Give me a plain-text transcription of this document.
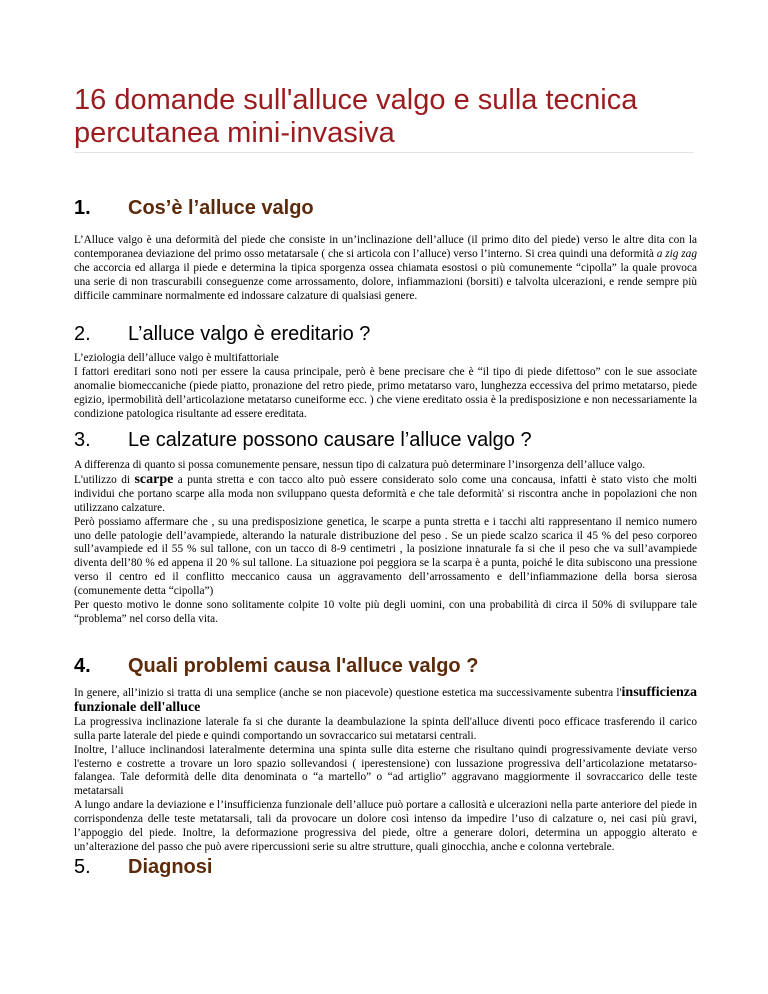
16 domande sull'alluce valgo e sulla tecnica percutanea mini-invasiva
1. Cos’è l’alluce valgo

L’Alluce valgo è una deformità del piede che consiste in un’inclinazione dell’alluce (il primo dito del piede) verso le altre dita con la contemporanea deviazione del primo osso metatarsale ( che si articola con l’alluce) verso l’interno. Si crea quindi una deformità a zig zag che accorcia ed allarga il piede e determina la tipica sporgenza ossea chiamata esostosi o più comunemente “cipolla” la quale provoca una serie di non trascurabili conseguenze come arrossamento, dolore, infiammazioni (borsiti) e talvolta ulcerazioni, e rende sempre più difficile camminare normalmente ed indossare calzature di qualsiasi genere.

2. L’alluce valgo è ereditario ?

L’eziologia dell’alluce valgo è multifattoriale

I fattori ereditari sono noti per essere la causa principale, però è bene precisare che è “il tipo di piede difettoso” con le sue associate anomalie biomeccaniche (piede piatto, pronazione del retro piede, primo metatarso varo, lunghezza eccessiva del primo metatarso, piede egizio, ipermobilità dell’articolazione metatarso cuneiforme ecc. ) che viene ereditato ossia è la predisposizione e non necessariamente la condizione patologica risultante ad essere ereditata.

3. Le calzature possono causare l’alluce valgo ?

A differenza di quanto si possa comunemente pensare, nessun tipo di calzatura può determinare l’insorgenza dell’alluce valgo.

L'utilizzo di scarpe a punta stretta e con tacco alto può essere considerato solo come una concausa, infatti è stato visto che molti individui che portano scarpe alla moda non sviluppano questa deformità e che tale deformità' si riscontra anche in popolazioni che non utilizzano calzature.

Però possiamo affermare che , su una predisposizione genetica, le scarpe a punta stretta e i tacchi alti rappresentano il nemico numero uno delle patologie dell’avampiede, alterando la naturale distribuzione del peso . Se un piede scalzo scarica il 45 % del peso corporeo sull’avampiede ed il 55 % sul tallone, con un tacco di 8-9 centimetri , la posizione innaturale fa si che il peso che va sull’avampiede diventa dell’80 % ed appena il 20 % sul tallone. La situazione poi peggiora se la scarpa è a punta, poiché le dita subiscono una pressione verso il centro ed il conflitto meccanico causa un aggravamento dell’arrossamento e dell’infiammazione della borsa sierosa (comunemente detta “cipolla”)

Per questo motivo le donne sono solitamente colpite 10 volte più degli uomini, con una probabilità di circa il 50% di sviluppare tale “problema” nel corso della vita.

4. Quali problemi causa l'alluce valgo ?

In genere, all’inizio si tratta di una semplice (anche se non piacevole) questione estetica ma successivamente subentra l'insufficienza funzionale dell'alluce

La progressiva inclinazione laterale fa si che durante la deambulazione la spinta dell'alluce diventi poco efficace trasferendo il carico sulla parte laterale del piede e quindi comportando un sovraccarico sui metatarsi centrali.

Inoltre, l’alluce inclinandosi lateralmente determina una spinta sulle dita esterne che risultano quindi progressivamente deviate verso l'esterno e costrette a trovare un loro spazio sollevandosi ( iperestensione) con lussazione progressiva dell’articolazione metatarso-falangea. Tale deformità delle dita denominata o “a martello” o “ad artiglio” aggravano maggiormente il sovraccarico delle teste metatarsali

A lungo andare la deviazione e l’insufficienza funzionale dell’alluce può portare a callosità e ulcerazioni nella parte anteriore del piede in corrispondenza delle teste metatarsali, tali da provocare un dolore così intenso da impedire l’uso di calzature o, nei casi più gravi, l’appoggio del piede. Inoltre, la deformazione progressiva del piede, oltre a generare dolori, determina un appoggio alterato e un’alterazione del passo che può avere ripercussioni serie su altre strutture, quali ginocchia, anche e colonna vertebrale.

5. Diagnosi
